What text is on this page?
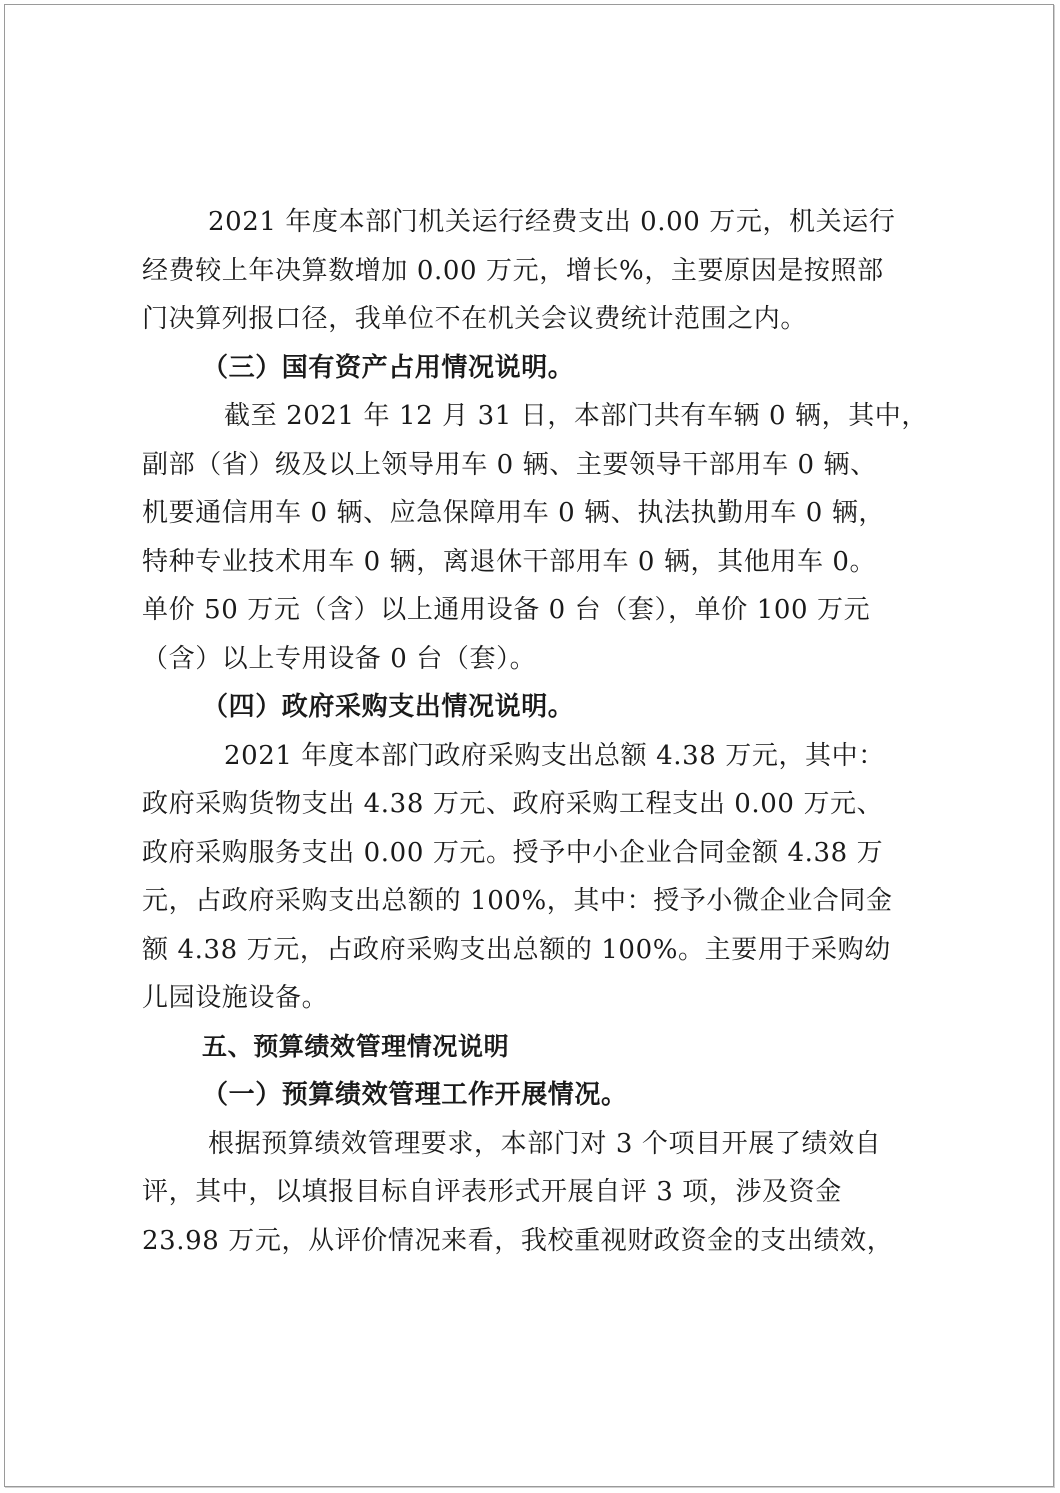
2021 年度本部门机关运行经费支出 0.00 万元，机关运行
经费较上年决算数增加 0.00 万元，增长%，主要原因是按照部
门决算列报口径，我单位不在机关会议费统计范围之内。
（三）国有资产占用情况说明。
截至 2021 年 12 月 31 日，本部门共有车辆 0 辆，其中，
副部（省）级及以上领导用车 0 辆、主要领导干部用车 0 辆、
机要通信用车 0 辆、应急保障用车 0 辆、执法执勤用车 0 辆，
特种专业技术用车 0 辆，离退休干部用车 0 辆，其他用车 0。
单价 50 万元（含）以上通用设备 0 台（套），单价 100 万元
（含）以上专用设备 0 台（套）。
（四）政府采购支出情况说明。
2021 年度本部门政府采购支出总额 4.38 万元，其中：
政府采购货物支出 4.38 万元、政府采购工程支出 0.00 万元、
政府采购服务支出 0.00 万元。授予中小企业合同金额 4.38 万
元，占政府采购支出总额的 100%，其中：授予小微企业合同金
额 4.38 万元，占政府采购支出总额的 100%。主要用于采购幼
儿园设施设备。
五、预算绩效管理情况说明
（一）预算绩效管理工作开展情况。
根据预算绩效管理要求，本部门对 3 个项目开展了绩效自
评，其中，以填报目标自评表形式开展自评 3 项，涉及资金
23.98 万元，从评价情况来看，我校重视财政资金的支出绩效，
